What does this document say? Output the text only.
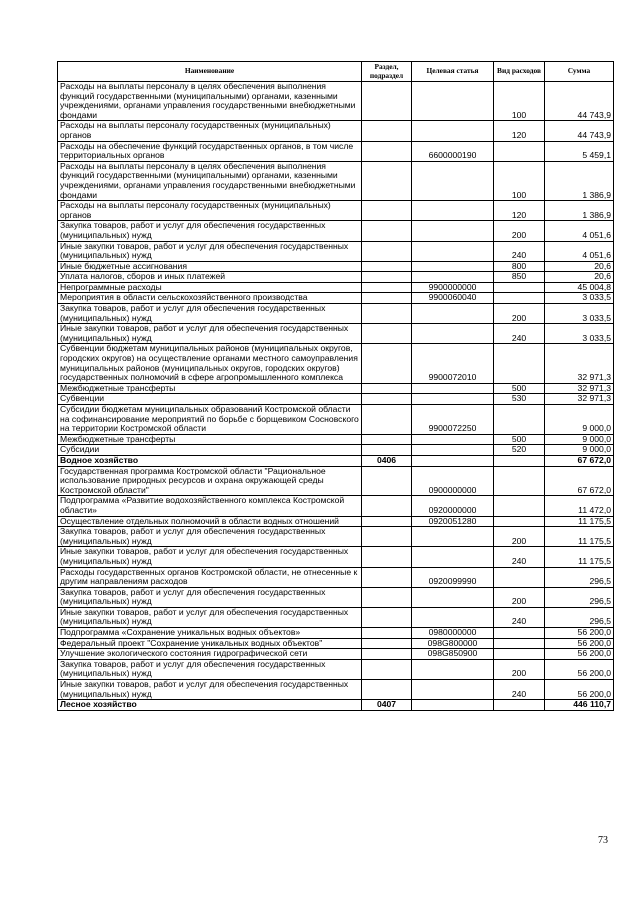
Наименование	Раздел, подраздел	Целевая статья	Вид расходов	Сумма
Расходы на выплаты персоналу в целях обеспечения выполнения функций государственными (муниципальными) органами, казенными учреждениями, органами управления государственными внебюджетными фондами			100	44 743,9
Расходы на выплаты персоналу государственных (муниципальных) органов			120	44 743,9
Расходы на обеспечение функций государственных органов, в том числе территориальных органов		6600000190		5 459,1
Расходы на выплаты персоналу в целях обеспечения выполнения функций государственными (муниципальными) органами, казенными учреждениями, органами управления государственными внебюджетными фондами			100	1 386,9
Расходы на выплаты персоналу государственных (муниципальных) органов			120	1 386,9
Закупка товаров, работ и услуг для обеспечения государственных (муниципальных) нужд			200	4 051,6
Иные закупки товаров, работ и услуг для обеспечения государственных (муниципальных) нужд			240	4 051,6
Иные бюджетные ассигнования			800	20,6
Уплата налогов, сборов и иных платежей			850	20,6
Непрограммные расходы		9900000000		45 004,8
Мероприятия в области сельскохозяйственного производства		9900060040		3 033,5
Закупка товаров, работ и услуг для обеспечения государственных (муниципальных) нужд			200	3 033,5
Иные закупки товаров, работ и услуг для обеспечения государственных (муниципальных) нужд			240	3 033,5
Субвенции бюджетам муниципальных районов (муниципальных округов, городских округов) на осуществление органами местного самоуправления муниципальных районов (муниципальных округов, городских округов) государственных полномочий в сфере агропромышленного комплекса		9900072010		32 971,3
Межбюджетные трансферты			500	32 971,3
Субвенции			530	32 971,3
Субсидии бюджетам муниципальных образований Костромской области на софинансирование мероприятий по борьбе с борщевиком Сосновского на территории Костромской области		9900072250		9 000,0
Межбюджетные трансферты			500	9 000,0
Субсидии			520	9 000,0
Водное хозяйство	0406			67 672,0
Государственная программа Костромской области "Рациональное использование природных ресурсов и охрана окружающей среды Костромской области"		0900000000		67 672,0
Подпрограмма «Развитие водохозяйственного комплекса Костромской области»		0920000000		11 472,0
Осуществление отдельных полномочий в области водных отношений		0920051280		11 175,5
Закупка товаров, работ и услуг для обеспечения государственных (муниципальных) нужд			200	11 175,5
Иные закупки товаров, работ и услуг для обеспечения государственных (муниципальных) нужд			240	11 175,5
Расходы государственных органов Костромской области, не отнесенные к другим направлениям расходов		0920099990		296,5
Закупка товаров, работ и услуг для обеспечения государственных (муниципальных) нужд			200	296,5
Иные закупки товаров, работ и услуг для обеспечения государственных (муниципальных) нужд			240	296,5
Подпрограмма «Сохранение уникальных водных объектов»		0980000000		56 200,0
Федеральный проект "Сохранение уникальных водных объектов"		098G800000		56 200,0
Улучшение экологического состояния гидрографической сети		098G850900		56 200,0
Закупка товаров, работ и услуг для обеспечения государственных (муниципальных) нужд			200	56 200,0
Иные закупки товаров, работ и услуг для обеспечения государственных (муниципальных) нужд			240	56 200,0
Лесное хозяйство	0407			446 110,7
73
